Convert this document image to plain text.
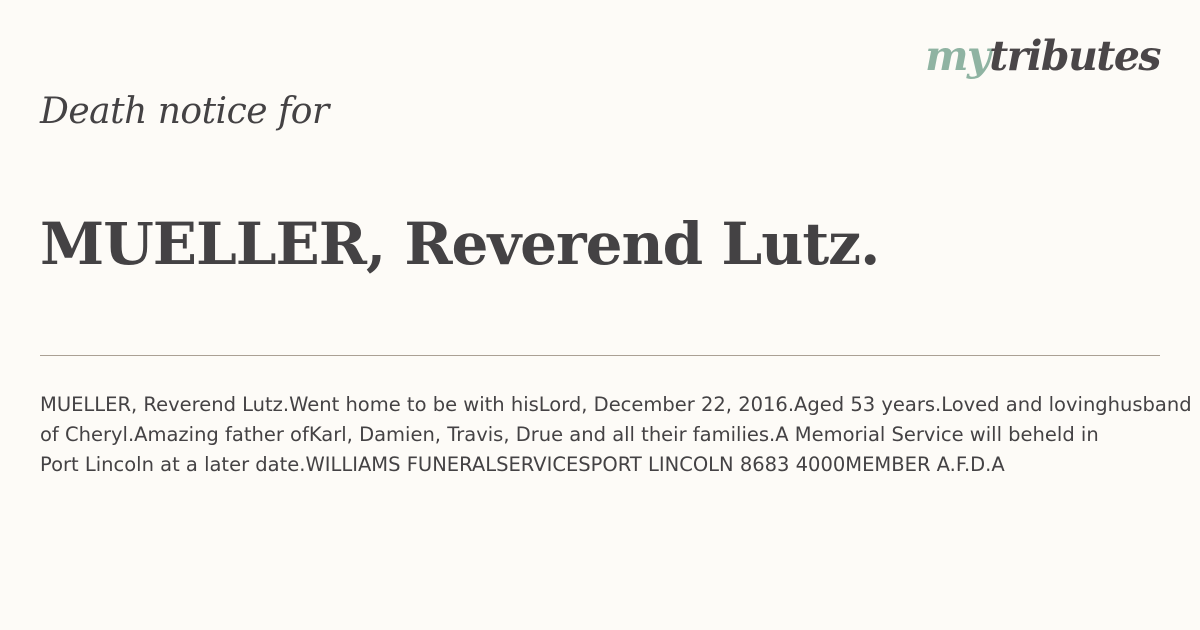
mytributes
Death notice for
MUELLER, Reverend Lutz.
MUELLER, Reverend Lutz.Went home to be with hisLord, December 22, 2016.Aged 53 years.Loved and lovinghusband
of Cheryl.Amazing father ofKarl, Damien, Travis, Drue and all their families.A Memorial Service will beheld in
Port Lincoln at a later date.WILLIAMS FUNERALSERVICESPORT LINCOLN 8683 4000MEMBER A.F.D.A
